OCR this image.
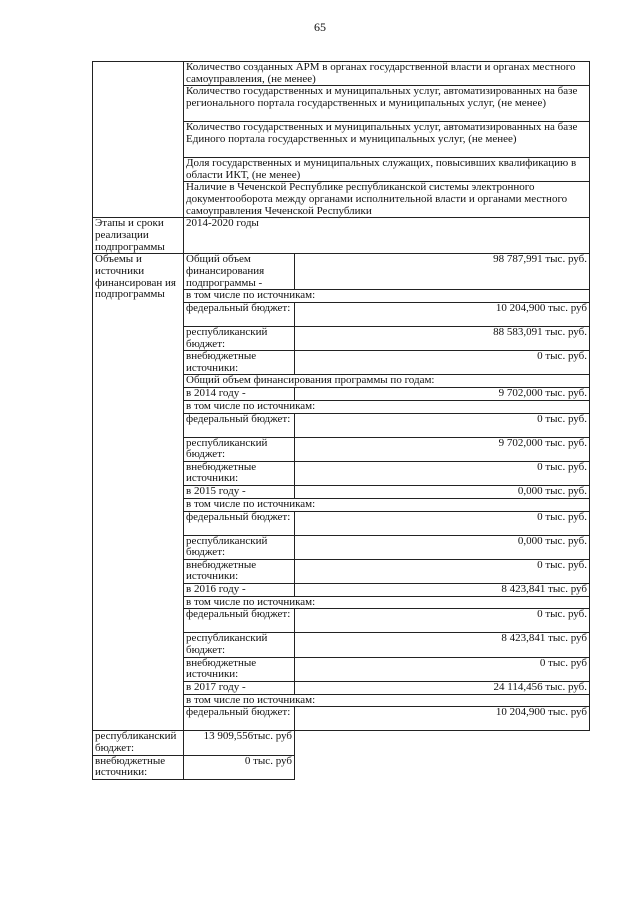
65
	Количество созданных АРМ в органах государственной власти и органах местного самоуправления, (не менее)	
	Количество государственных и муниципальных услуг, автоматизированных на базе регионального портала государственных и муниципальных услуг, (не менее)	
	Количество государственных и муниципальных услуг, автоматизированных на базе Единого портала государственных и муниципальных услуг, (не менее)	
	Доля государственных и муниципальных служащих, повысивших квалификацию в области ИКТ, (не менее)	
	Наличие в Чеченской Республике республиканской системы электронного документооборота между органами исполнительной власти и органами местного самоуправления Чеченской Республики	
Этапы и сроки реализации подпрограммы	2014-2020 годы	
Объемы и источники финансирован ия подпрограммы	Общий объем финансирования подпрограммы -	98 787,991 тыс. руб.
	в том числе по источникам:	
	федеральный бюджет:	10 204,900 тыс. руб
	республиканский бюджет:	88 583,091 тыс. руб.
	внебюджетные источники:	0 тыс. руб.
	Общий объем финансирования программы по годам:	
	в 2014 году -	9 702,000 тыс. руб.
	в том числе по источникам:	
	федеральный бюджет:	0 тыс. руб.
	республиканский бюджет:	9 702,000 тыс. руб.
	внебюджетные источники:	0 тыс. руб.
	в 2015 году -	0,000 тыс. руб.
	в том числе по источникам:	
	федеральный бюджет:	0 тыс. руб.
	республиканский бюджет:	0,000 тыс. руб.
	внебюджетные источники:	0 тыс. руб.
	в 2016 году -	8 423,841 тыс. руб
	в том числе по источникам:	
	федеральный бюджет:	0 тыс. руб.
	республиканский бюджет:	8 423,841 тыс. руб
	внебюджетные источники:	0 тыс. руб
	в 2017 году -	24 114,456 тыс. руб.
	в том числе по источникам:	
	федеральный бюджет:	10 204,900 тыс. руб
республиканский бюджет:	13 909,556тыс. руб	
внебюджетные источники:	0 тыс. руб	
